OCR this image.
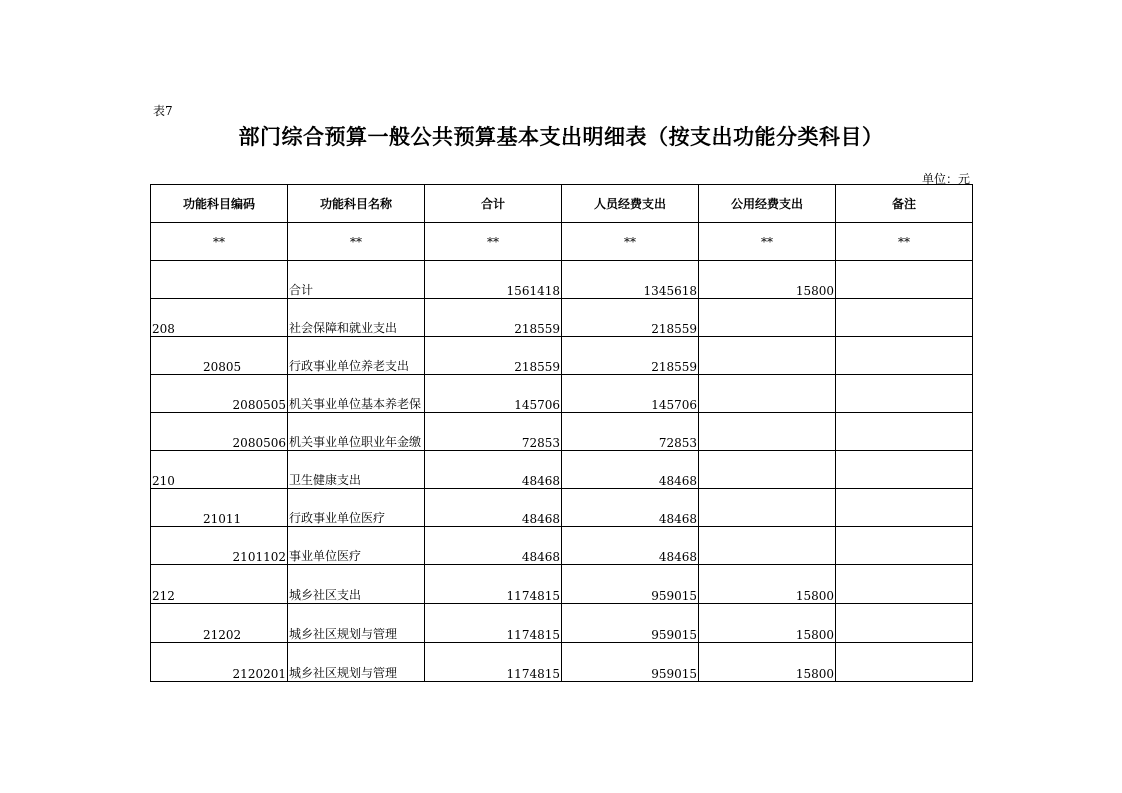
表7
部门综合预算一般公共预算基本支出明细表（按支出功能分类科目）
单位：元
功能科目编码	功能科目名称	合计	人员经费支出	公用经费支出	备注
**	**	**	**	**	**
	合计	1561418	1345618	15800	
208	社会保障和就业支出	218559	218559		
20805	行政事业单位养老支出	218559	218559		
2080505	机关事业单位基本养老保	145706	145706		
2080506	机关事业单位职业年金缴	72853	72853		
210	卫生健康支出	48468	48468		
21011	行政事业单位医疗	48468	48468		
2101102	事业单位医疗	48468	48468		
212	城乡社区支出	1174815	959015	15800	
21202	城乡社区规划与管理	1174815	959015	15800	
2120201	城乡社区规划与管理	1174815	959015	15800	
